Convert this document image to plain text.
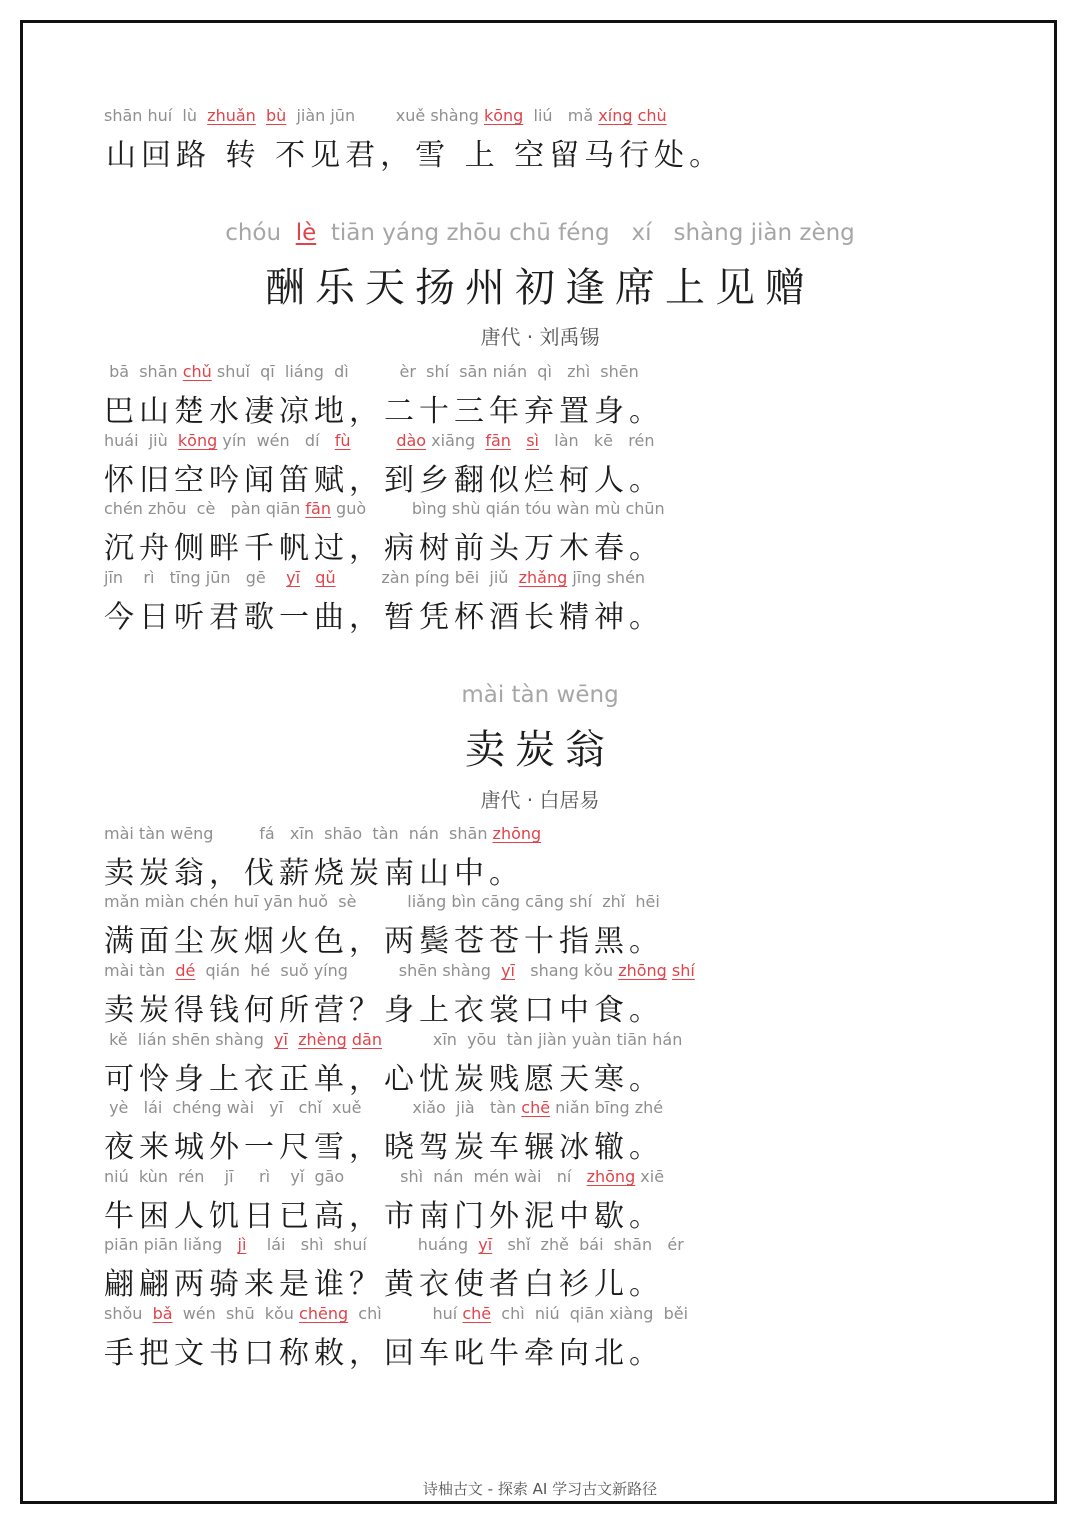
shān huí  lù  zhuǎn bù  jiàn jūn        xuě shàng kōng  liú   mǎ xíng chù
山回路 转 不见君，雪 上 空留马行处。
chóu  lè  tiān yáng zhōu chū féng   xí   shàng jiàn zèng
酬乐天扬州初逢席上见赠
唐代 · 刘禹锡
bā  shān chǔ shuǐ  qī  liáng  dì          èr  shí  sān nián  qì   zhì  shēn
巴山楚水凄凉地，二十三年弃置身。
huái  jiù  kōng yín  wén   dí   fù	dào xiāng  fān sì   làn   kē   rén
怀旧空吟闻笛赋，到乡翻似烂柯人。
chén zhōu  cè   pàn qiān fān guò         bìng shù qián tóu wàn mù chūn
沉舟侧畔千帆过，病树前头万木春。
jīn    rì   tīng jūn   gē    yī qǔ         zàn píng bēi  jiǔ  zhǎng jīng shén
今日听君歌一曲，暂凭杯酒长精神。
mài tàn wēng
卖炭翁
唐代 · 白居易
mài tàn wēng         fá   xīn  shāo  tàn  nán  shān zhōng
卖炭翁，伐薪烧炭南山中。
mǎn miàn chén huī yān huǒ  sè          liǎng bìn cāng cāng shí  zhǐ  hēi
满面尘灰烟火色，两鬓苍苍十指黑。
mài tàn  dé  qián  hé  suǒ yíng          shēn shàng  yī   shang kǒu zhōng shí
卖炭得钱何所营？身上衣裳口中食。
kě  lián shēn shàng  yī zhèng dān          xīn  yōu  tàn jiàn yuàn tiān hán
可怜身上衣正单，心忧炭贱愿天寒。
yè   lái  chéng wài   yī   chǐ  xuě          xiǎo  jià   tàn chē niǎn bīng zhé
夜来城外一尺雪，晓驾炭车辗冰辙。
niú  kùn  rén    jī     rì    yǐ  gāo           shì  nán  mén wài   ní   zhōng xiē
牛困人饥日已高，市南门外泥中歇。
piān piān liǎng   jì    lái   shì  shuí          huáng  yī   shǐ  zhě  bái  shān   ér
翩翩两骑来是谁？黄衣使者白衫儿。
shǒu  bǎ  wén  shū  kǒu chēng  chì          huí chē  chì  niú  qiān xiàng  běi
手把文书口称敕，回车叱牛牵向北。
诗柚古文 - 探索 AI 学习古文新路径
